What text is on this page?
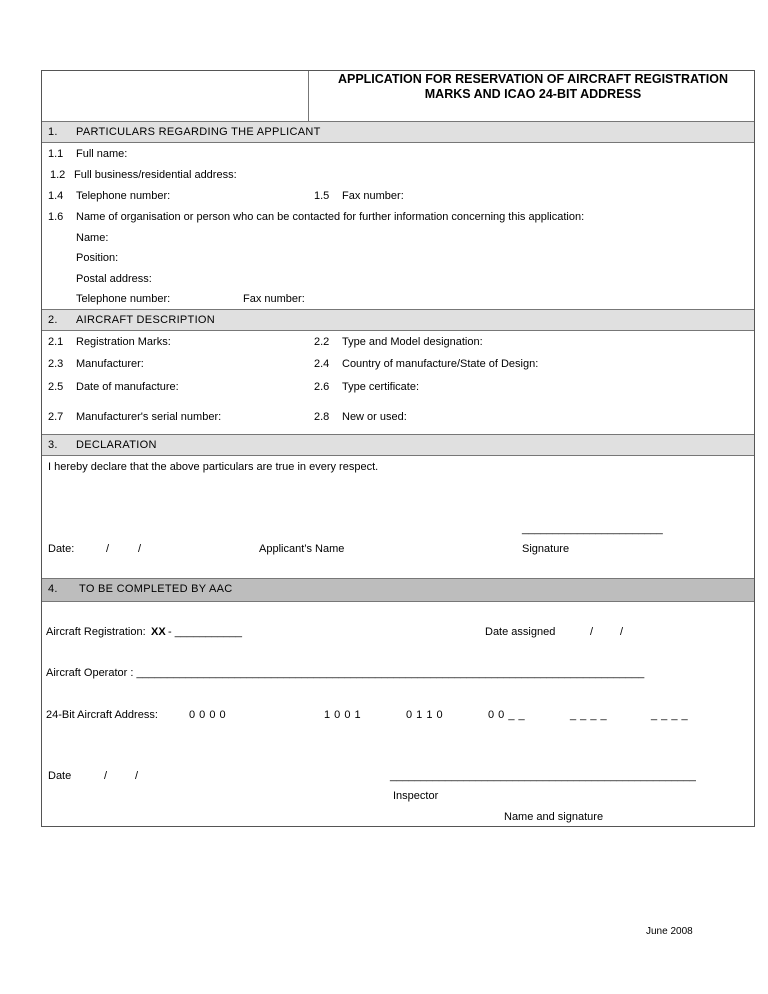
APPLICATION FOR RESERVATION OF AIRCRAFT REGISTRATION
MARKS AND ICAO 24-BIT ADDRESS
1. PARTICULARS REGARDING THE APPLICANT
1.1 Full name:
1.2 Full business/residential address:
1.4 Telephone number:	1.5 Fax number:
1.6 Name of organisation or person who can be contacted for further information concerning this application:
Name:
Position:
Postal address:
Telephone number:	Fax number:
2. AIRCRAFT DESCRIPTION
2.1 Registration Marks:	2.2 Type and Model designation:
2.3 Manufacturer:	2.4 Country of manufacture/State of Design:
2.5 Date of manufacture:	2.6 Type certificate:
2.7 Manufacturer's serial number:	2.8 New or used:
3. DECLARATION
I hereby declare that the above particulars are true in every respect.
_______________________
Date:	/	/	Applicant’s Name	Signature
4. TO BE COMPLETED BY AAC
Aircraft Registration: XX - ___________	Date assigned	/ /
Aircraft Operator : ___________________________________________________________________________________
24-Bit Aircraft Address:	0 0 0 0	1 0 0 1	0 1 1 0	0 0 _ _	_ _ _ _	_ _ _ _
__________________________________________________
Date	/	/
Inspector
Name and signature
June 2008
